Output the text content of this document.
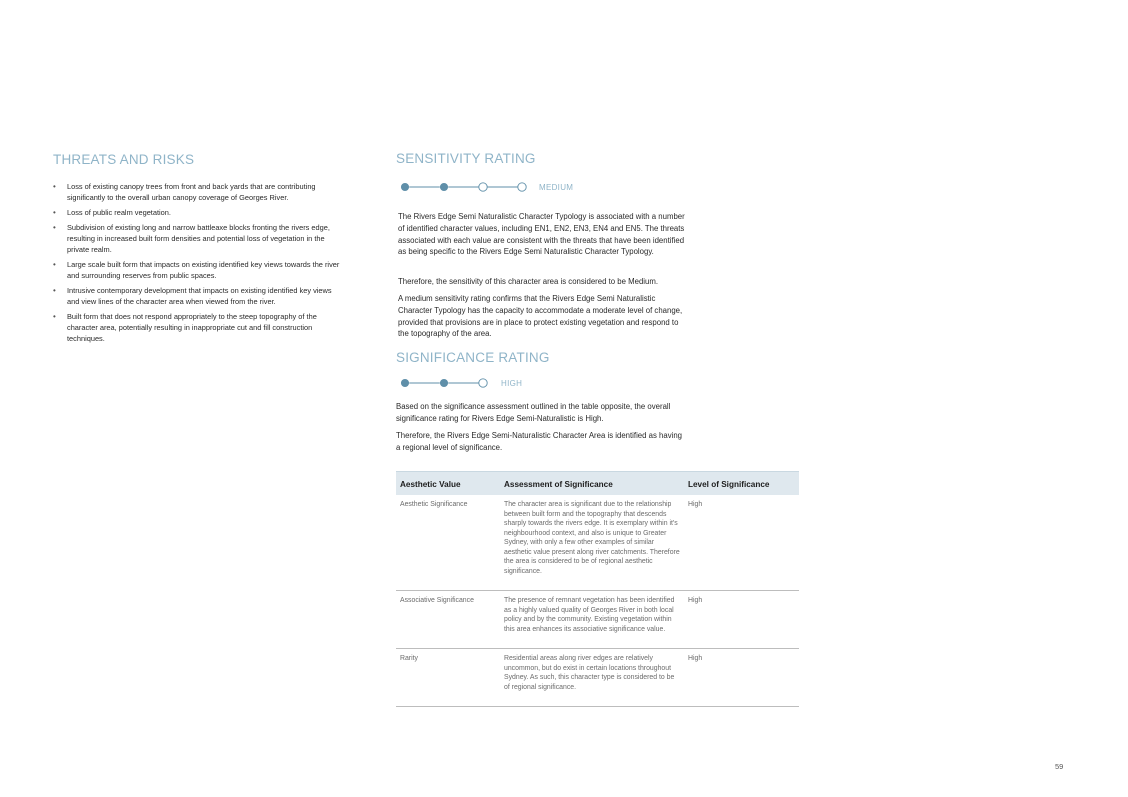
THREATS AND RISKS
• Loss of existing canopy trees from front and back yards that are contributing significantly to the overall urban canopy coverage of Georges River.
• Loss of public realm vegetation.
• Subdivision of existing long and narrow battleaxe blocks fronting the rivers edge, resulting in increased built form densities and potential loss of vegetation in the private realm.
• Large scale built form that impacts on existing identified key views towards the river and surrounding reserves from public spaces.
• Intrusive contemporary development that impacts on existing identified key views and view lines of the character area when viewed from the river.
• Built form that does not respond appropriately to the steep topography of the character area, potentially resulting in inappropriate cut and fill construction techniques.
SENSITIVITY RATING
MEDIUM

The Rivers Edge Semi Naturalistic Character Typology is associated with a number of identified character values, including EN1, EN2, EN3, EN4 and EN5. The threats associated with each value are consistent with the threats that have been identified as being specific to the Rivers Edge Semi Naturalistic Character Typology.

Therefore, the sensitivity of this character area is considered to be Medium.

A medium sensitivity rating confirms that the Rivers Edge Semi Naturalistic Character Typology has the capacity to accommodate a moderate level of change, provided that provisions are in place to protect existing vegetation and respond to the topography of the area.

SIGNIFICANCE RATING
HIGH

Based on the significance assessment outlined in the table opposite, the overall significance rating for Rivers Edge Semi-Naturalistic is High.

Therefore, the Rivers Edge Semi-Naturalistic Character Area is identified as having a regional level of significance.

Aesthetic Value	Assessment of Significance	Level of Significance
Aesthetic Significance	The character area is significant due to the relationship between built form and the topography that descends sharply towards the rivers edge. It is exemplary within it's neighbourhood context, and also is unique to Greater Sydney, with only a few other examples of similar aesthetic value present along river catchments. Therefore the area is considered to be of regional aesthetic significance.	High
Associative Significance	The presence of remnant vegetation has been identified as a highly valued quality of Georges River in both local policy and by the community. Existing vegetation within this area enhances its associative significance value.	High
Rarity	Residential areas along river edges are relatively uncommon, but do exist in certain locations throughout Sydney. As such, this character type is considered to be of regional significance.	High
59
